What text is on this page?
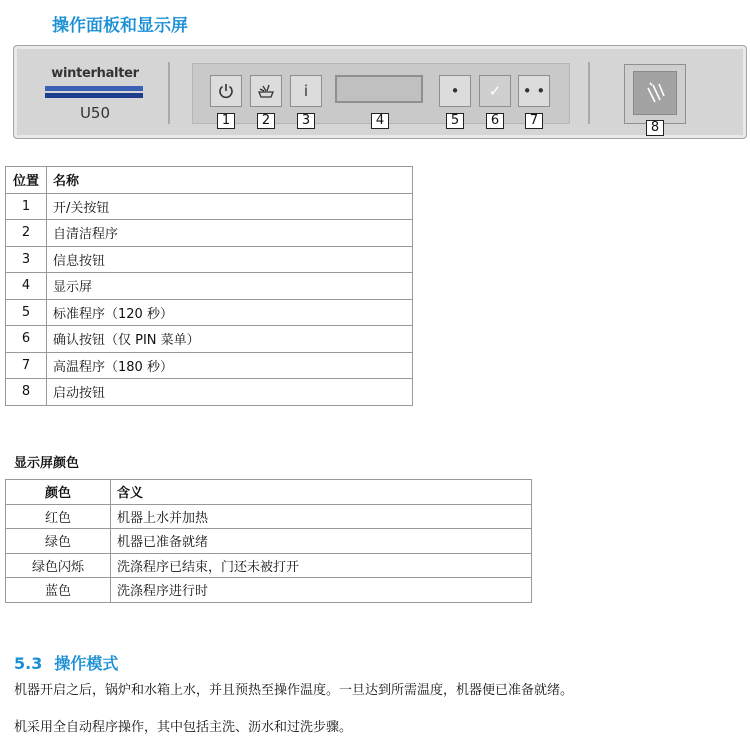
操作面板和显示屏
winterhalter
U50
i	• ✓ • •
1	2	3	4	5	6	7	8
位置	名称
1	开/关按钮
2	自清洁程序
3	信息按钮
4	显示屏
5	标准程序（120 秒）
6	确认按钮（仅 PIN 菜单）
7	高温程序（180 秒）
8	启动按钮
显示屏颜色
颜色	含义
红色	机器上水并加热
绿色	机器已准备就绪
绿色闪烁	洗涤程序已结束，门还未被打开
蓝色	洗涤程序进行时
5.3 操作模式
机器开启之后，锅炉和水箱上水，并且预热至操作温度。一旦达到所需温度，机器便已准备就绪。
机采用全自动程序操作，其中包括主洗、沥水和过洗步骤。
